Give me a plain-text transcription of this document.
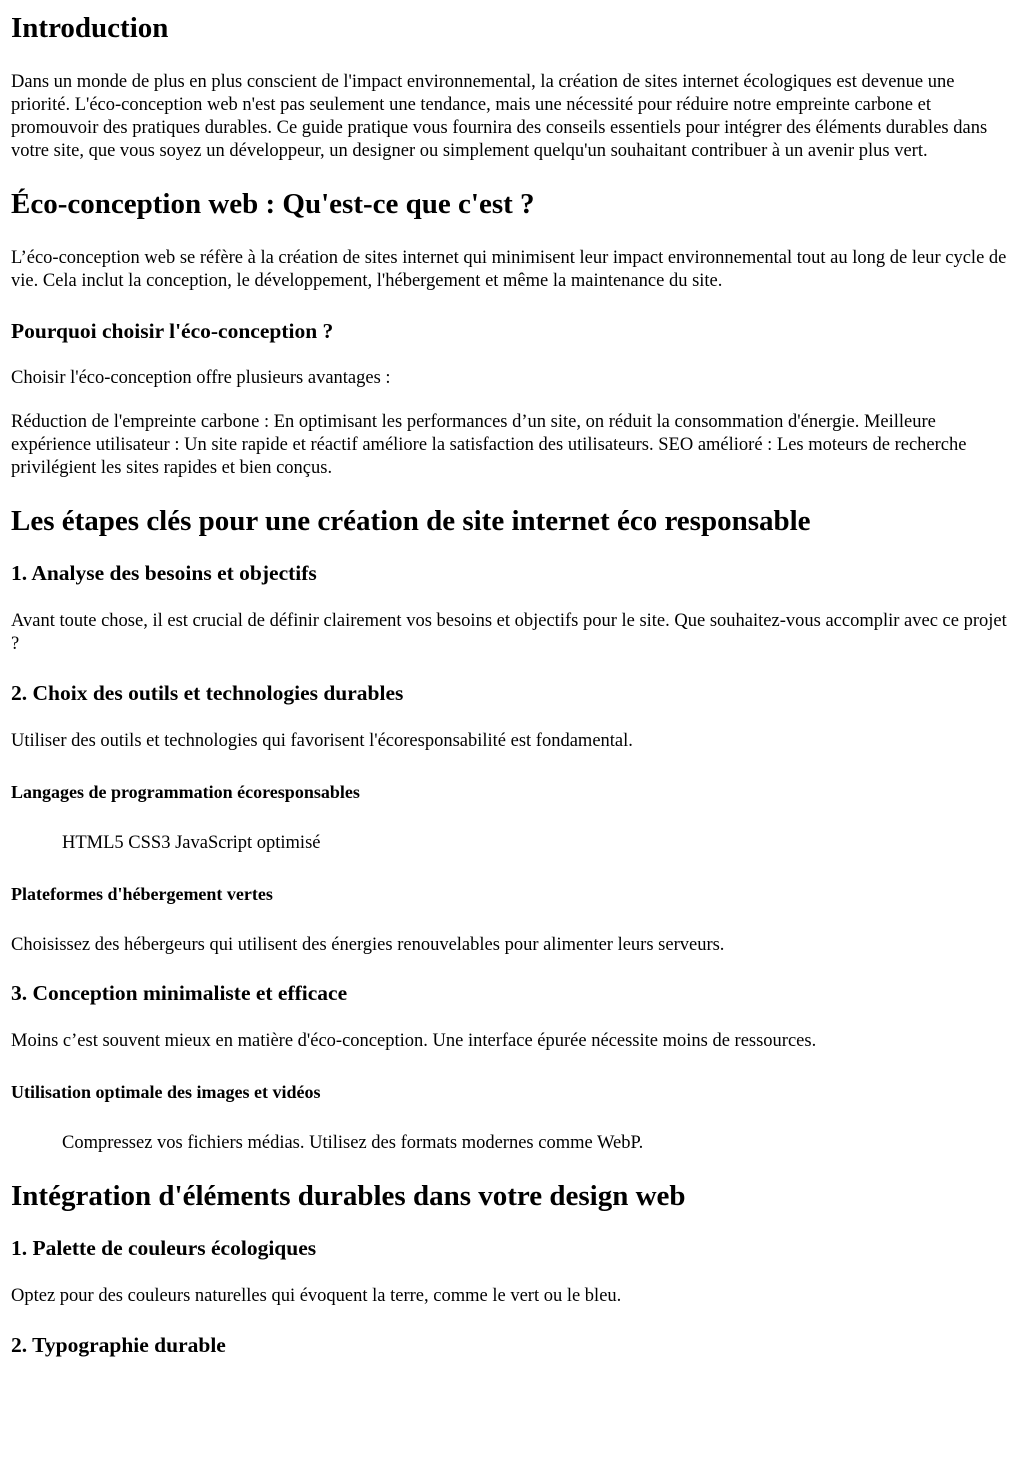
Introduction

Dans un monde de plus en plus conscient de l'impact environnemental, la création de sites internet écologiques est devenue une priorité. L'éco-conception web n'est pas seulement une tendance, mais une nécessité pour réduire notre empreinte carbone et promouvoir des pratiques durables. Ce guide pratique vous fournira des conseils essentiels pour intégrer des éléments durables dans votre site, que vous soyez un développeur, un designer ou simplement quelqu'un souhaitant contribuer à un avenir plus vert.

Éco-conception web : Qu'est-ce que c'est ?

L’éco-conception web se réfère à la création de sites internet qui minimisent leur impact environnemental tout au long de leur cycle de vie. Cela inclut la conception, le développement, l'hébergement et même la maintenance du site.

Pourquoi choisir l'éco-conception ?

Choisir l'éco-conception offre plusieurs avantages :

Réduction de l'empreinte carbone : En optimisant les performances d’un site, on réduit la consommation d'énergie. Meilleure expérience utilisateur : Un site rapide et réactif améliore la satisfaction des utilisateurs. SEO amélioré : Les moteurs de recherche privilégient les sites rapides et bien conçus.

Les étapes clés pour une création de site internet éco responsable
1. Analyse des besoins et objectifs

Avant toute chose, il est crucial de définir clairement vos besoins et objectifs pour le site. Que souhaitez-vous accomplir avec ce projet ?

2. Choix des outils et technologies durables

Utiliser des outils et technologies qui favorisent l'écoresponsabilité est fondamental.

Langages de programmation écoresponsables

HTML5 CSS3 JavaScript optimisé

Plateformes d'hébergement vertes

Choisissez des hébergeurs qui utilisent des énergies renouvelables pour alimenter leurs serveurs.

3. Conception minimaliste et efficace

Moins c’est souvent mieux en matière d'éco-conception. Une interface épurée nécessite moins de ressources.

Utilisation optimale des images et vidéos

Compressez vos fichiers médias. Utilisez des formats modernes comme WebP.

Intégration d'éléments durables dans votre design web
1. Palette de couleurs écologiques

Optez pour des couleurs naturelles qui évoquent la terre, comme le vert ou le bleu.

2. Typographie durable
